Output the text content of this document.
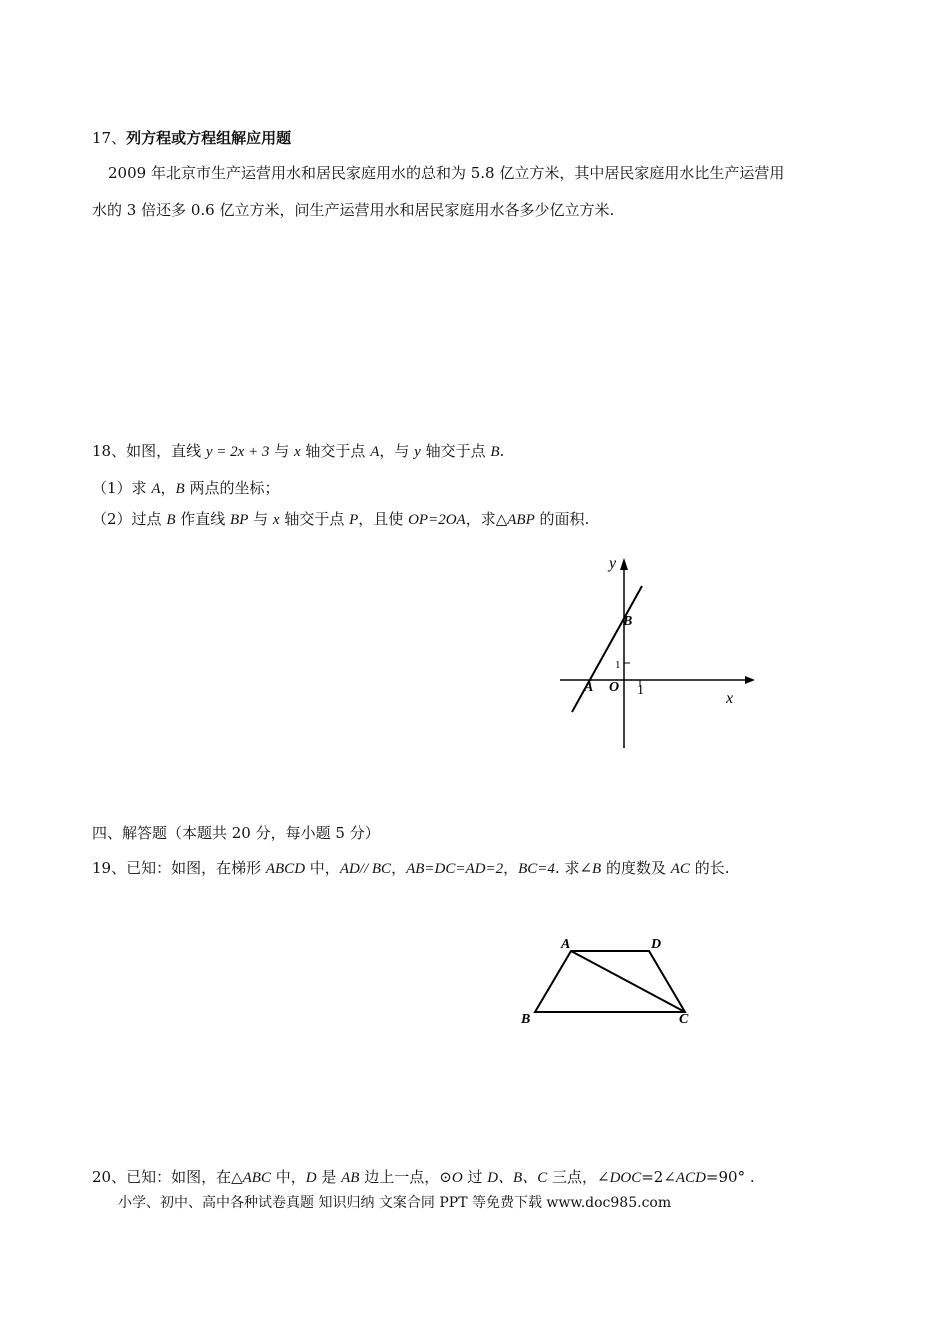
17、列方程或方程组解应用题
2009 年北京市生产运营用水和居民家庭用水的总和为 5.8 亿立方米，其中居民家庭用水比生产运营用
水的 3 倍还多 0.6 亿立方米，问生产运营用水和居民家庭用水各多少亿立方米.
18、如图，直线 y = 2x + 3 与 x 轴交于点 A，与 y 轴交于点 B.
（1）求 A，B 两点的坐标；
（2）过点 B 作直线 BP 与 x 轴交于点 P，且使 OP=2OA，求△ABP 的面积.
y
x
B
A O
1
1
四、解答题（本题共 20 分，每小题 5 分）
19、已知：如图，在梯形 ABCD 中，AD// BC，AB=DC=AD=2，BC=4. 求∠B 的度数及 AC 的长.
A	D
B	C
20、已知：如图，在△ABC 中，D 是 AB 边上一点，⊙O 过 D、B、C 三点，∠DOC=2∠ACD=90° .
小学、初中、高中各种试卷真题 知识归纳 文案合同 PPT 等免费下载 www.doc985.com
